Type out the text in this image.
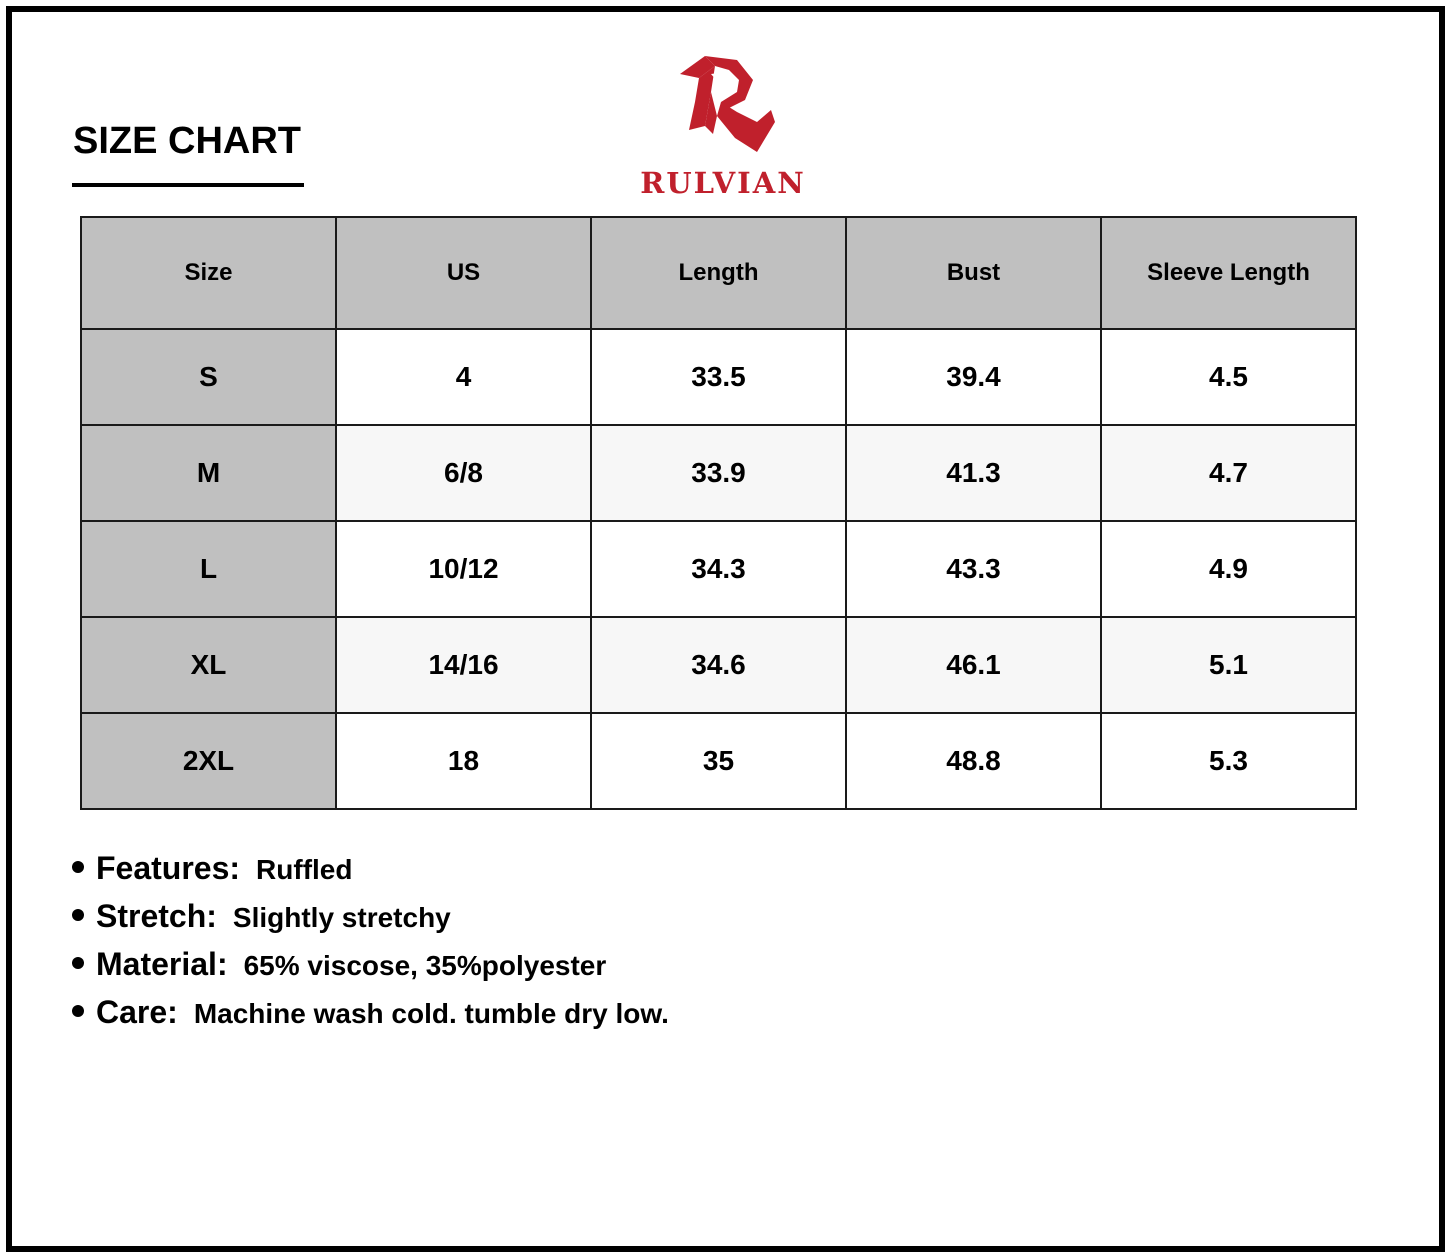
SIZE CHART
RULVIAN
Size	US	Length	Bust	Sleeve Length
S	4	33.5	39.4	4.5
M	6/8	33.9	41.3	4.7
L	10/12	34.3	43.3	4.9
XL	14/16	34.6	46.1	5.1
2XL	18	35	48.8	5.3
Features: Ruffled
Stretch: Slightly stretchy
Material: 65% viscose, 35%polyester
Care: Machine wash cold. tumble dry low.
